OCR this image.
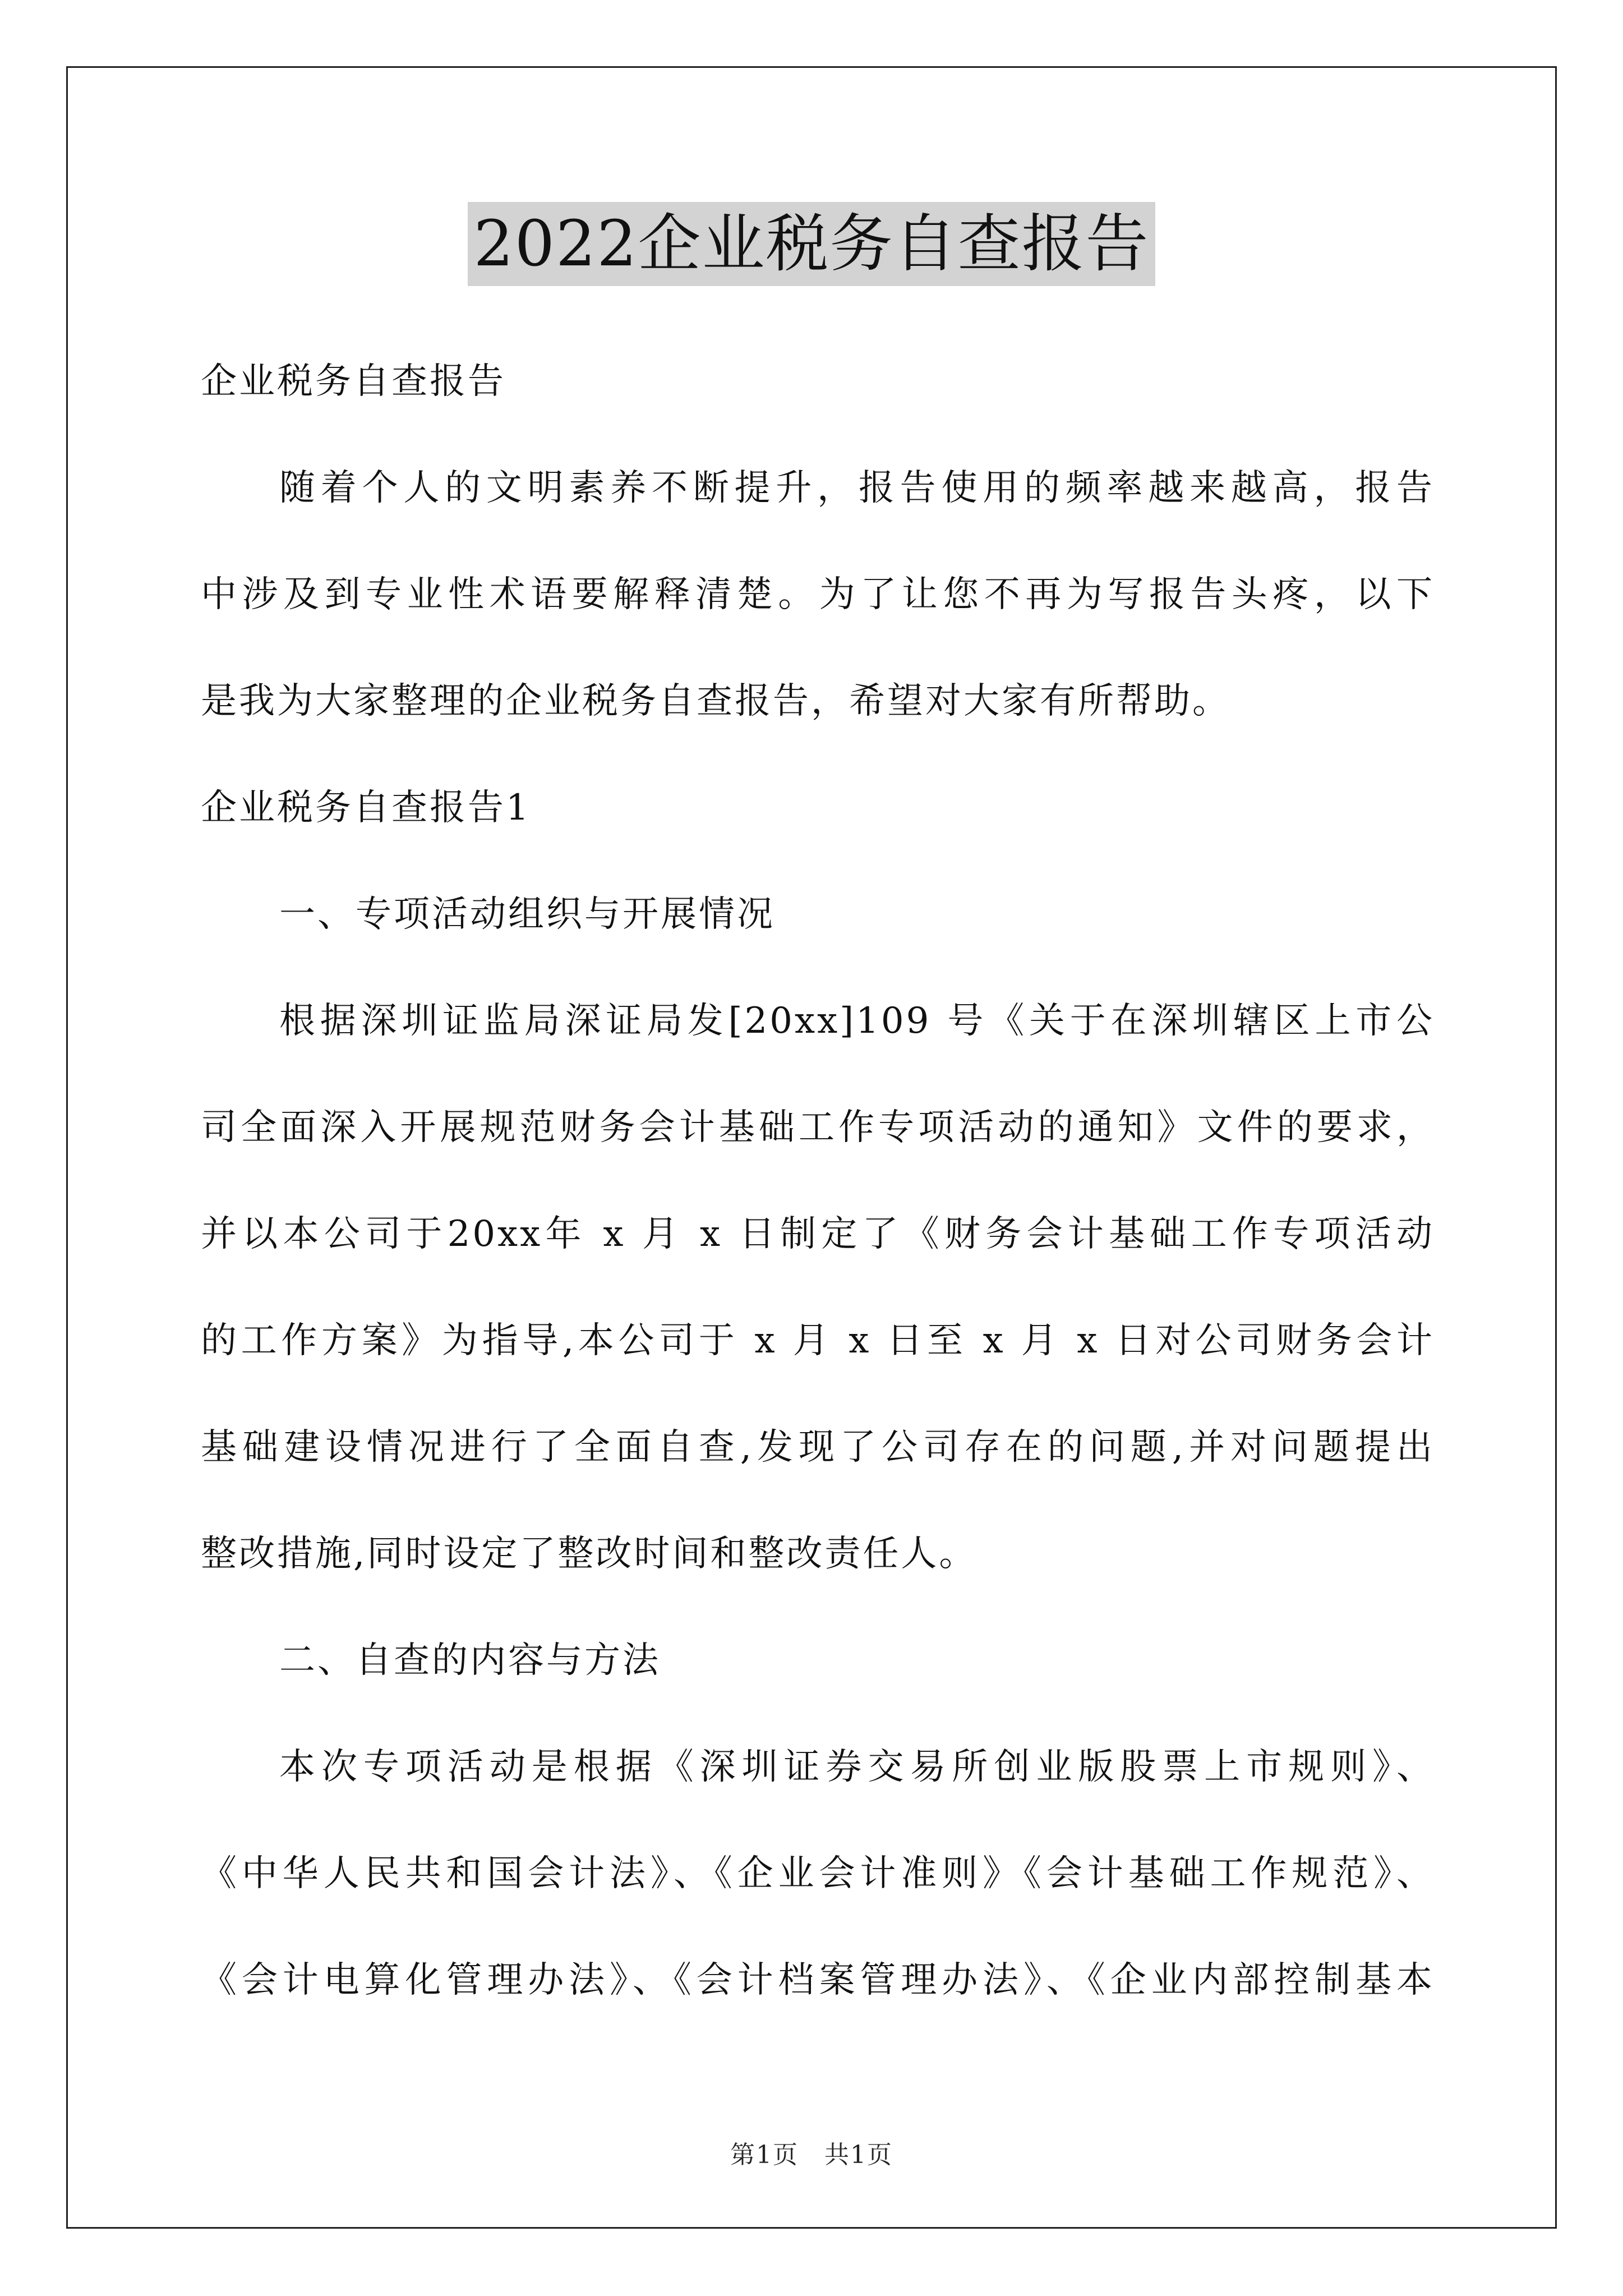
2022企业税务自查报告
企业税务自查报告
随着个人的文明素养不断提升，报告使用的频率越来越高，报告
中涉及到专业性术语要解释清楚。为了让您不再为写报告头疼，以下
是我为大家整理的企业税务自查报告，希望对大家有所帮助。
企业税务自查报告1
一、专项活动组织与开展情况
根据深圳证监局深证局发[20xx]109 号《关于在深圳辖区上市公
司全面深入开展规范财务会计基础工作专项活动的通知》文件的要求，
并以本公司于20xx年 x 月 x 日制定了《财务会计基础工作专项活动
的工作方案》为指导,本公司于 x 月 x 日至 x 月 x 日对公司财务会计
基础建设情况进行了全面自查,发现了公司存在的问题,并对问题提出
整改措施,同时设定了整改时间和整改责任人。
二、自查的内容与方法
本次专项活动是根据《深圳证券交易所创业版股票上市规则》、
《中华人民共和国会计法》、《企业会计准则》《会计基础工作规范》、
《会计电算化管理办法》、《会计档案管理办法》、《企业内部控制基本
第1页　共1页
